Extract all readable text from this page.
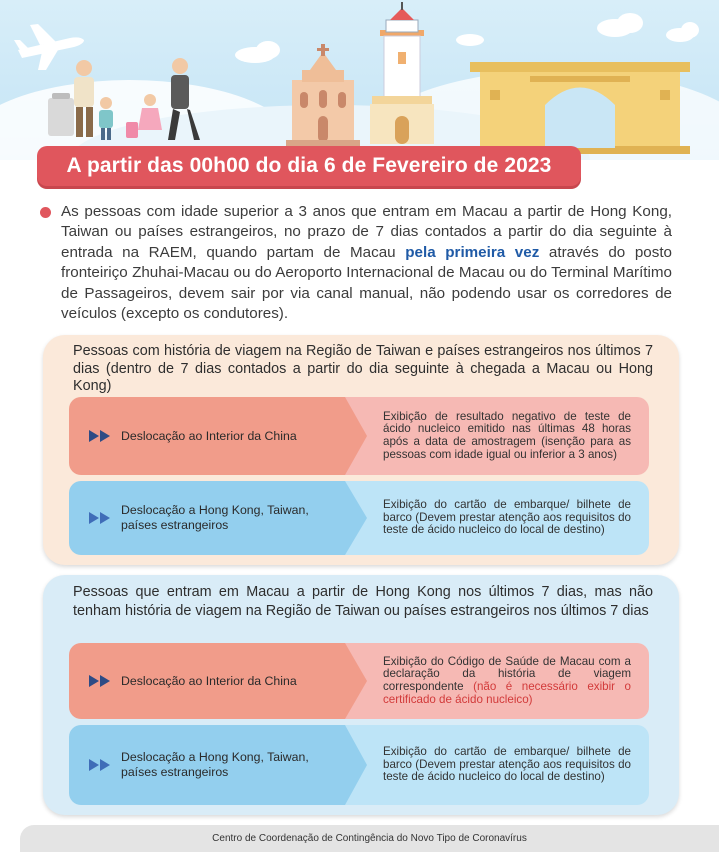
A partir das 00h00 do dia 6 de Fevereiro de 2023
As pessoas com idade superior a 3 anos que entram em Macau a partir de Hong Kong, Taiwan ou países estrangeiros, no prazo de 7 dias contados a partir do dia seguinte à entrada na RAEM, quando partam de Macau pela primeira vez através do posto fronteiriço Zhuhai-Macau ou do Aeroporto Internacional de Macau ou do Terminal Marítimo de Passageiros, devem sair por via canal manual, não podendo usar os corredores de veículos (excepto os condutores).
Pessoas com história de viagem na Região de Taiwan e países estrangeiros nos últimos 7 dias (dentro de 7 dias contados a partir do dia seguinte à chegada a Macau ou Hong Kong)
Deslocação ao Interior da China
Exibição de resultado negativo de teste de ácido nucleico emitido nas últimas 48 horas após a data de amostragem (isenção para as pessoas com idade igual ou inferior a 3 anos)
Deslocação a Hong Kong, Taiwan, países estrangeiros
Exibição do cartão de embarque/ bilhete de barco (Devem prestar atenção aos requisitos do teste de ácido nucleico do local de destino)
Pessoas que entram em Macau a partir de Hong Kong nos últimos 7 dias, mas não tenham história de viagem na Região de Taiwan ou países estrangeiros nos últimos 7 dias
Deslocação ao Interior da China
Exibição do Código de Saúde de Macau com a declaração da história de viagem correspondente (não é necessário exibir o certificado de ácido nucleico)
Deslocação a Hong Kong, Taiwan, países estrangeiros
Exibição do cartão de embarque/ bilhete de barco (Devem prestar atenção aos requisitos do teste de ácido nucleico do local de destino)
Centro de Coordenação de Contingência do Novo Tipo de Coronavírus
